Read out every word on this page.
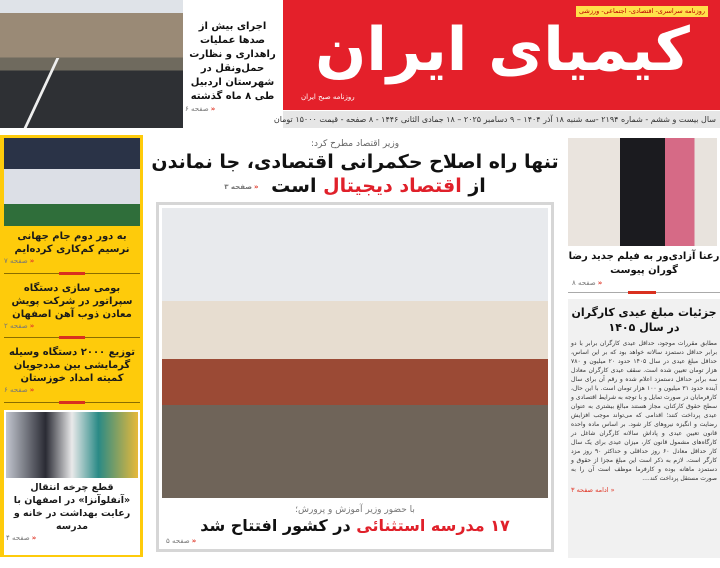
اجرای بیش از صدها عملیات راهداری و نظارت حمل‌ونقل در شهرستان اردبیل طی ۸ ماه گذشته
«صفحه ۶
روزنامه سراسری- اقتصادی- اجتماعی- ورزشی
روزنامه صبح ایران
کیمیای ایران
سال بیست و ششم - شماره ۲۱۹۴ -سه شنبه ۱۸ آذر ۱۴۰۴ – ۹ دسامبر ۲۰۲۵ – ۱۸ جمادی الثانی ۱۴۴۶ - ۸ صفحه - قیمت ۱۵۰۰۰ تومان
به دور دوم جام جهانی نرسیم کم‌کاری کرده‌ایم
«صفحه ۷
بومی سازی دستگاه سپراتور در شرکت پویش معادن ذوب آهن اصفهان
«صفحه ۲
توزیع ۲۰۰۰ دستگاه وسیله گرمایشی بین مددجویان کمیته امداد خوزستان
«صفحه ۶
قطع چرخه انتقال «آنفلوآنزا» در اصفهان با رعایت بهداشت در خانه و مدرسه
«صفحه ۴
وزیر اقتصاد مطرح کرد:
تنها راه اصلاح حکمرانی اقتصادی، جا نماندن از اقتصاد دیجیتال است «صفحه ۳
با حضور وزیر آموزش و پرورش؛
۱۷ مدرسه استثنائی در کشور افتتاح شد
«صفحه ۵
رعنا آزادی‌ور به فیلم جدید رضا گوران پیوست
«صفحه ۸
جزئیات مبلغ عیدی کارگران در سال ۱۴۰۵
مطابق مقررات موجود، حداقل عیدی کارگران برابر با دو برابر حداقل دستمزد سالانه خواهد بود که بر این اساس، حداقل مبلغ عیدی در سال ۱۴۰۵ حدود ۲۰ میلیون و ۷۸۰ هزار تومان تعیین شده است. سقف عیدی کارگران معادل سه برابر حداقل دستمزد اعلام شده و رقم آن برای سال آینده حدود ۳۱ میلیون و ۱۰۰ هزار تومان است. با این حال، کارفرمایان در صورت تمایل و با توجه به شرایط اقتصادی و سطح حقوق کارکنان، مجاز هستند مبالغ بیشتری به عنوان عیدی پرداخت کنند؛ اقدامی که می‌تواند موجب افزایش رضایت و انگیزه نیروهای کار شود. بر اساس ماده واحده قانون تعیین عیدی و پاداش سالانه کارگران شاغل در کارگاه‌های مشمول قانون کار، میزان عیدی برای یک سال کار حداقل معادل ۶۰ روز حداقلی و حداکثر ۹۰ روز مزد کارگر است. لازم به ذکر است این مبلغ مجزا از حقوق و دستمزد ماهانه بوده و کارفرما موظف است آن را به صورت مستقل پرداخت کند....
« ادامه صفحه ۳
